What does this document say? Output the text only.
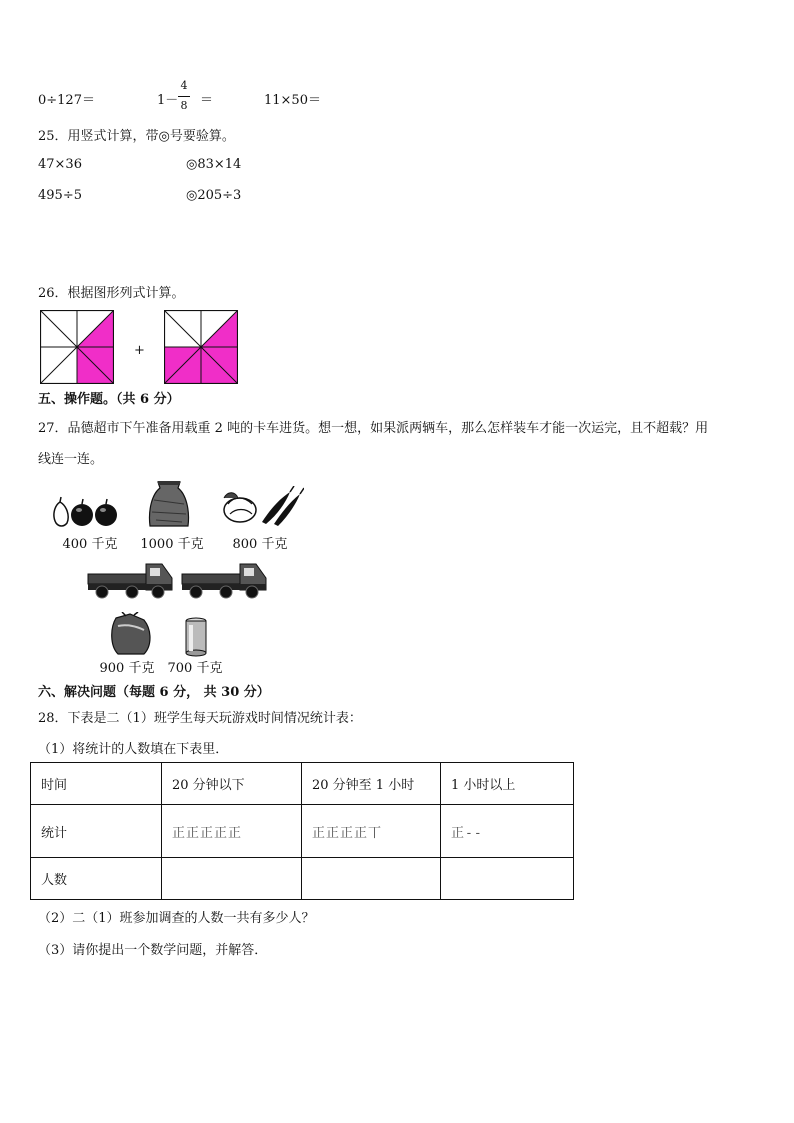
0÷127＝	1－
4
8 ＝	11×50＝
25．用竖式计算，带◎号要验算。
47×36	◎83×14
495÷5	◎205÷3
26．根据图形列式计算。
+
五、操作题。（共 6 分）
27．品德超市下午准备用载重 2 吨的卡车进货。想一想，如果派两辆车，那么怎样装车才能一次运完，且不超载？用
线连一连。
400 千克	1000 千克	800 千克
900 千克 700 千克
六、解决问题（每题 6 分， 共 30 分）
28．下表是二（1）班学生每天玩游戏时间情况统计表：
（1）将统计的人数填在下表里．
时间	20 分钟以下	20 分钟至 1 小时	1 小时以上
统计	正正正正正	正正正正丅	正--
人数			
（2）二（1）班参加调查的人数一共有多少人？
（3）请你提出一个数学问题，并解答．
